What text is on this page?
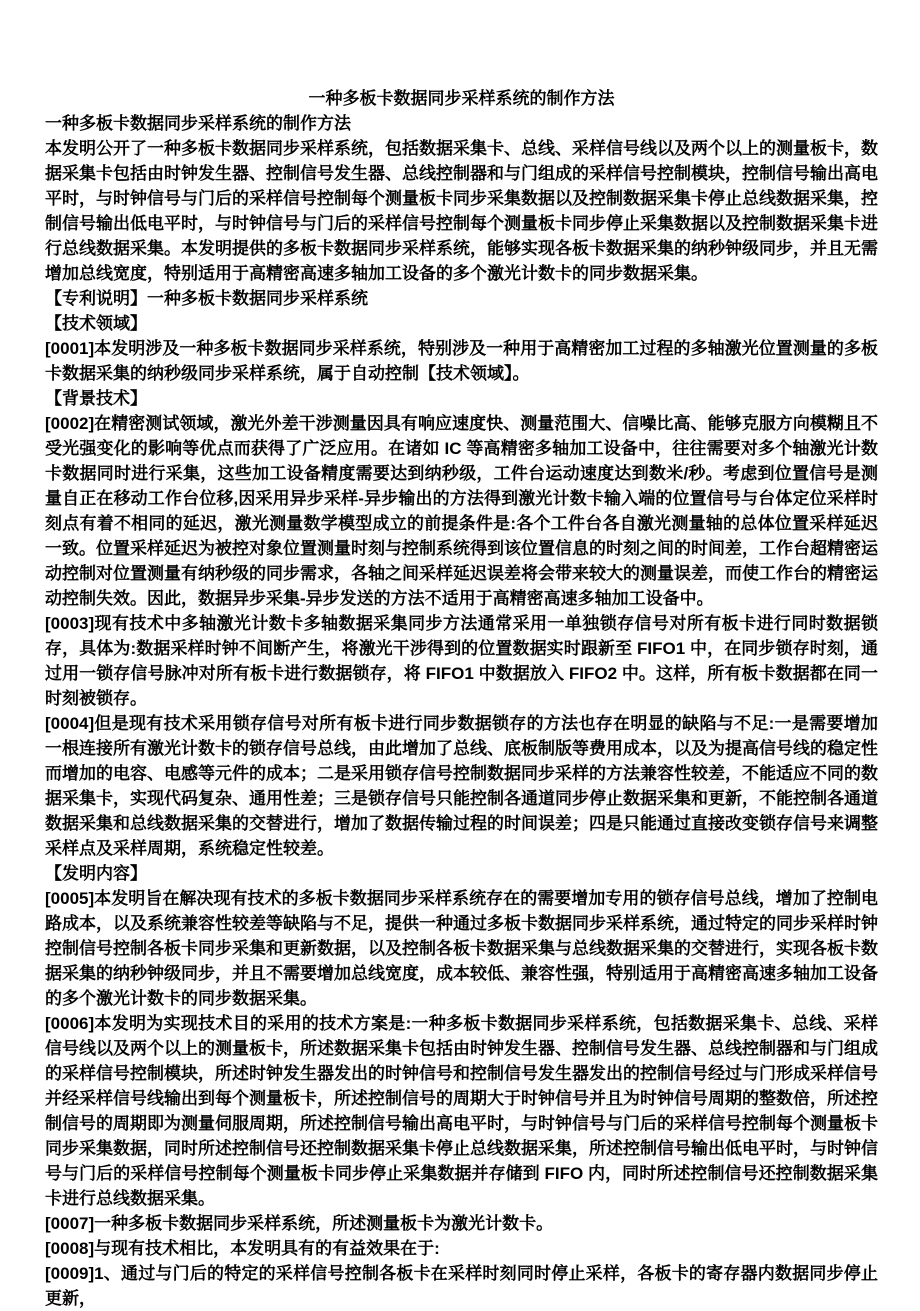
一种多板卡数据同步采样系统的制作方法

一种多板卡数据同步采样系统的制作方法

本发明公开了一种多板卡数据同步采样系统，包括数据采集卡、总线、采样信号线以及两个以上的测量板卡，数据采集卡包括由时钟发生器、控制信号发生器、总线控制器和与门组成的采样信号控制模块，控制信号输出高电平时，与时钟信号与门后的采样信号控制每个测量板卡同步采集数据以及控制数据采集卡停止总线数据采集，控制信号输出低电平时，与时钟信号与门后的采样信号控制每个测量板卡同步停止采集数据以及控制数据采集卡进行总线数据采集。本发明提供的多板卡数据同步采样系统，能够实现各板卡数据采集的纳秒钟级同步，并且无需增加总线宽度，特别适用于高精密高速多轴加工设备的多个激光计数卡的同步数据采集。

【专利说明】一种多板卡数据同步采样系统

【技术领域】

[0001]本发明涉及一种多板卡数据同步采样系统，特别涉及一种用于高精密加工过程的多轴激光位置测量的多板卡数据采集的纳秒级同步采样系统，属于自动控制【技术领域】。

【背景技术】

[0002]在精密测试领域，激光外差干涉测量因具有响应速度快、测量范围大、信噪比高、能够克服方向模糊且不受光强变化的影响等优点而获得了广泛应用。在诸如 IC 等高精密多轴加工设备中，往往需要对多个轴激光计数卡数据同时进行采集，这些加工设备精度需要达到纳秒级，工件台运动速度达到数米/秒。考虑到位置信号是测量自正在移动工作台位移,因采用异步采样-异步输出的方法得到激光计数卡输入端的位置信号与台体定位采样时刻点有着不相同的延迟，激光测量数学模型成立的前提条件是:各个工件台各自激光测量轴的总体位置采样延迟一致。位置采样延迟为被控对象位置测量时刻与控制系统得到该位置信息的时刻之间的时间差，工作台超精密运动控制对位置测量有纳秒级的同步需求，各轴之间采样延迟误差将会带来较大的测量误差，而使工作台的精密运动控制失效。因此，数据异步采集-异步发送的方法不适用于高精密高速多轴加工设备中。

[0003]现有技术中多轴激光计数卡多轴数据采集同步方法通常采用一单独锁存信号对所有板卡进行同时数据锁存，具体为:数据采样时钟不间断产生，将激光干涉得到的位置数据实时跟新至 FIFO1 中，在同步锁存时刻，通过用一锁存信号脉冲对所有板卡进行数据锁存，将 FIFO1 中数据放入 FIFO2 中。这样，所有板卡数据都在同一时刻被锁存。

[0004]但是现有技术采用锁存信号对所有板卡进行同步数据锁存的方法也存在明显的缺陷与不足:一是需要增加一根连接所有激光计数卡的锁存信号总线，由此增加了总线、底板制版等费用成本，以及为提高信号线的稳定性而增加的电容、电感等元件的成本；二是采用锁存信号控制数据同步采样的方法兼容性较差，不能适应不同的数据采集卡，实现代码复杂、通用性差；三是锁存信号只能控制各通道同步停止数据采集和更新，不能控制各通道数据采集和总线数据采集的交替进行，增加了数据传输过程的时间误差；四是只能通过直接改变锁存信号来调整采样点及采样周期，系统稳定性较差。

【发明内容】

[0005]本发明旨在解决现有技术的多板卡数据同步采样系统存在的需要增加专用的锁存信号总线，增加了控制电路成本，以及系统兼容性较差等缺陷与不足，提供一种通过多板卡数据同步采样系统，通过特定的同步采样时钟控制信号控制各板卡同步采集和更新数据，以及控制各板卡数据采集与总线数据采集的交替进行，实现各板卡数据采集的纳秒钟级同步，并且不需要增加总线宽度，成本较低、兼容性强，特别适用于高精密高速多轴加工设备的多个激光计数卡的同步数据采集。

[0006]本发明为实现技术目的采用的技术方案是:一种多板卡数据同步采样系统，包括数据采集卡、总线、采样信号线以及两个以上的测量板卡，所述数据采集卡包括由时钟发生器、控制信号发生器、总线控制器和与门组成的采样信号控制模块，所述时钟发生器发出的时钟信号和控制信号发生器发出的控制信号经过与门形成采样信号并经采样信号线输出到每个测量板卡，所述控制信号的周期大于时钟信号并且为时钟信号周期的整数倍，所述控制信号的周期即为测量伺服周期，所述控制信号输出高电平时，与时钟信号与门后的采样信号控制每个测量板卡同步采集数据，同时所述控制信号还控制数据采集卡停止总线数据采集，所述控制信号输出低电平时，与时钟信号与门后的采样信号控制每个测量板卡同步停止采集数据并存储到 FIFO 内，同时所述控制信号还控制数据采集卡进行总线数据采集。

[0007]一种多板卡数据同步采样系统，所述测量板卡为激光计数卡。

[0008]与现有技术相比，本发明具有的有益效果在于:

[0009]1、通过与门后的特定的采样信号控制各板卡在采样时刻同时停止采样，各板卡的寄存器内数据同步停止更新，
